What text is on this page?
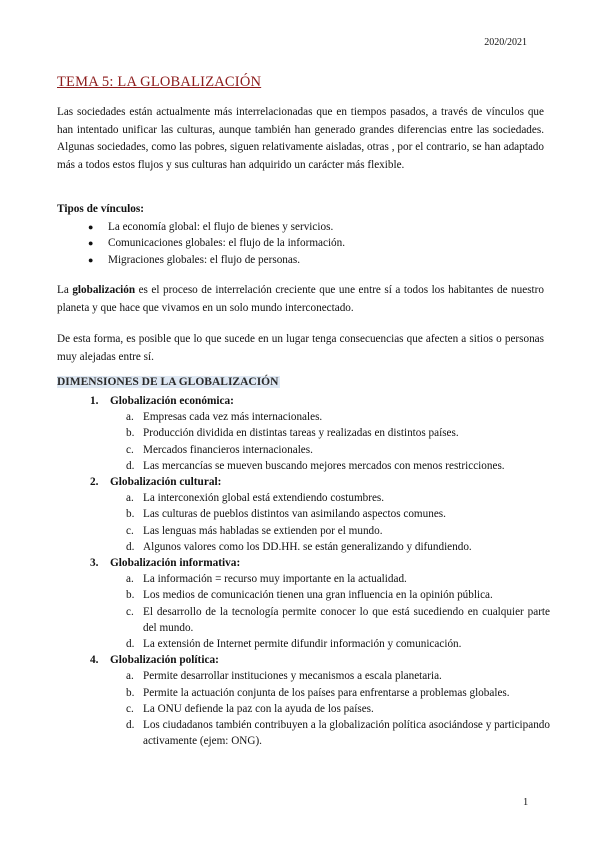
2020/2021
TEMA 5: LA GLOBALIZACIÓN

Las sociedades están actualmente más interrelacionadas que en tiempos pasados, a través de vínculos que han intentado unificar las culturas, aunque también han generado grandes diferencias entre las sociedades. Algunas sociedades, como las pobres, siguen relativamente aisladas, otras , por el contrario, se han adaptado más a todos estos flujos y sus culturas han adquirido un carácter más flexible.

Tipos de vínculos:

● La economía global: el flujo de bienes y servicios.
● Comunicaciones globales: el flujo de la información.
● Migraciones globales: el flujo de personas.

La globalización es el proceso de interrelación creciente que une entre sí a todos los habitantes de nuestro planeta y que hace que vivamos en un solo mundo interconectado.

De esta forma, es posible que lo que sucede en un lugar tenga consecuencias que afecten a sitios o personas muy alejadas entre sí.

DIMENSIONES DE LA GLOBALIZACIÓN

1. Globalización económica:
a. Empresas cada vez más internacionales.
b. Producción dividida en distintas tareas y realizadas en distintos países.
c. Mercados financieros internacionales.
d. Las mercancías se mueven buscando mejores mercados con menos restricciones.
2. Globalización cultural:
a. La interconexión global está extendiendo costumbres.
b. Las culturas de pueblos distintos van asimilando aspectos comunes.
c. Las lenguas más habladas se extienden por el mundo.
d. Algunos valores como los DD.HH. se están generalizando y difundiendo.
3. Globalización informativa:
a. La información = recurso muy importante en la actualidad.
b. Los medios de comunicación tienen una gran influencia en la opinión pública.
c. El desarrollo de la tecnología permite conocer lo que está sucediendo en cualquier parte del mundo.
d. La extensión de Internet permite difundir información y comunicación.
4. Globalización política:
a. Permite desarrollar instituciones y mecanismos a escala planetaria.
b. Permite la actuación conjunta de los países para enfrentarse a problemas globales.
c. La ONU defiende la paz con la ayuda de los países.
d. Los ciudadanos también contribuyen a la globalización política asociándose y participando activamente (ejem: ONG).
1
